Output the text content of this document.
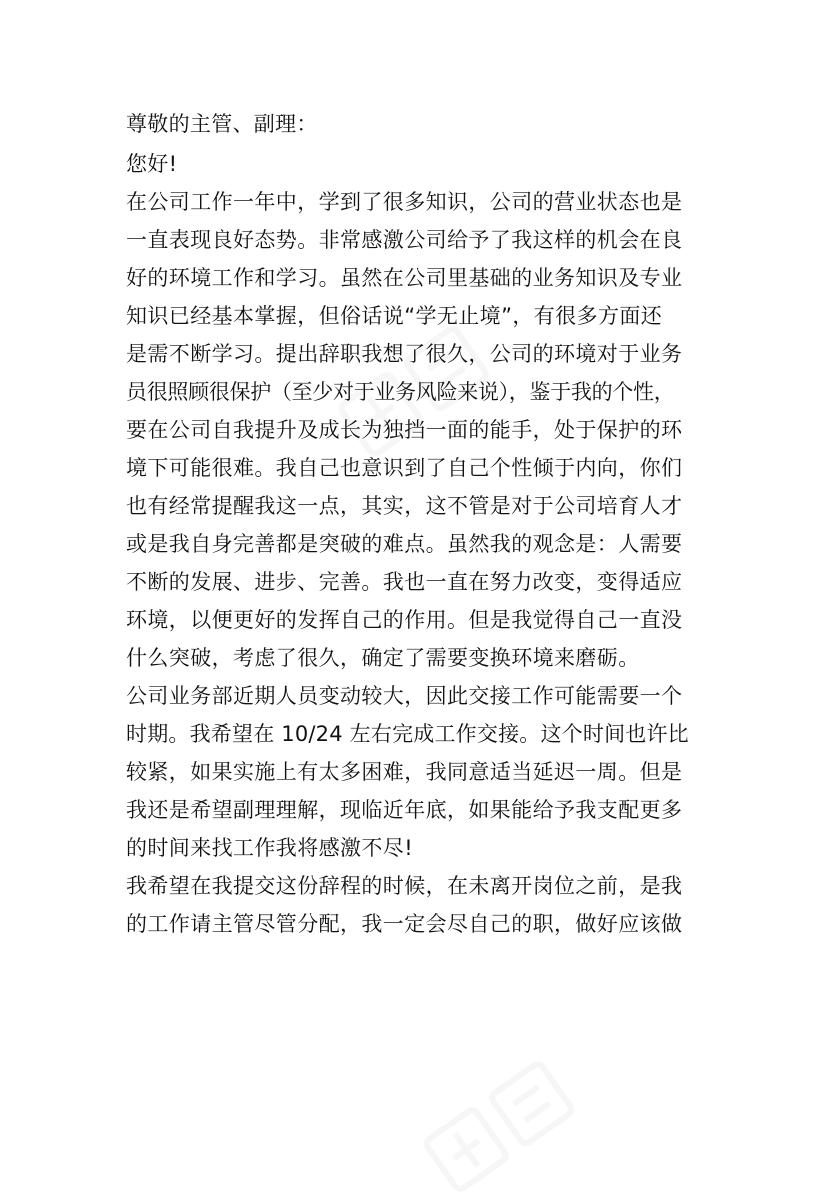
尊敬的主管、副理：
您好!
在公司工作一年中，学到了很多知识，公司的营业状态也是
一直表现良好态势。非常感激公司给予了我这样的机会在良
好的环境工作和学习。虽然在公司里基础的业务知识及专业
知识已经基本掌握，但俗话说“学无止境”，有很多方面还
是需不断学习。提出辞职我想了很久，公司的环境对于业务
员很照顾很保护（至少对于业务风险来说），鉴于我的个性，
要在公司自我提升及成长为独挡一面的能手，处于保护的环
境下可能很难。我自己也意识到了自己个性倾于内向，你们
也有经常提醒我这一点，其实，这不管是对于公司培育人才
或是我自身完善都是突破的难点。虽然我的观念是：人需要
不断的发展、进步、完善。我也一直在努力改变，变得适应
环境，以便更好的发挥自己的作用。但是我觉得自己一直没
什么突破，考虑了很久，确定了需要变换环境来磨砺。
公司业务部近期人员变动较大，因此交接工作可能需要一个
时期。我希望在 10/24 左右完成工作交接。这个时间也许比
较紧，如果实施上有太多困难，我同意适当延迟一周。但是
我还是希望副理理解，现临近年底，如果能给予我支配更多
的时间来找工作我将感激不尽!
我希望在我提交这份辞程的时候，在未离开岗位之前，是我
的工作请主管尽管分配，我一定会尽自己的职，做好应该做
